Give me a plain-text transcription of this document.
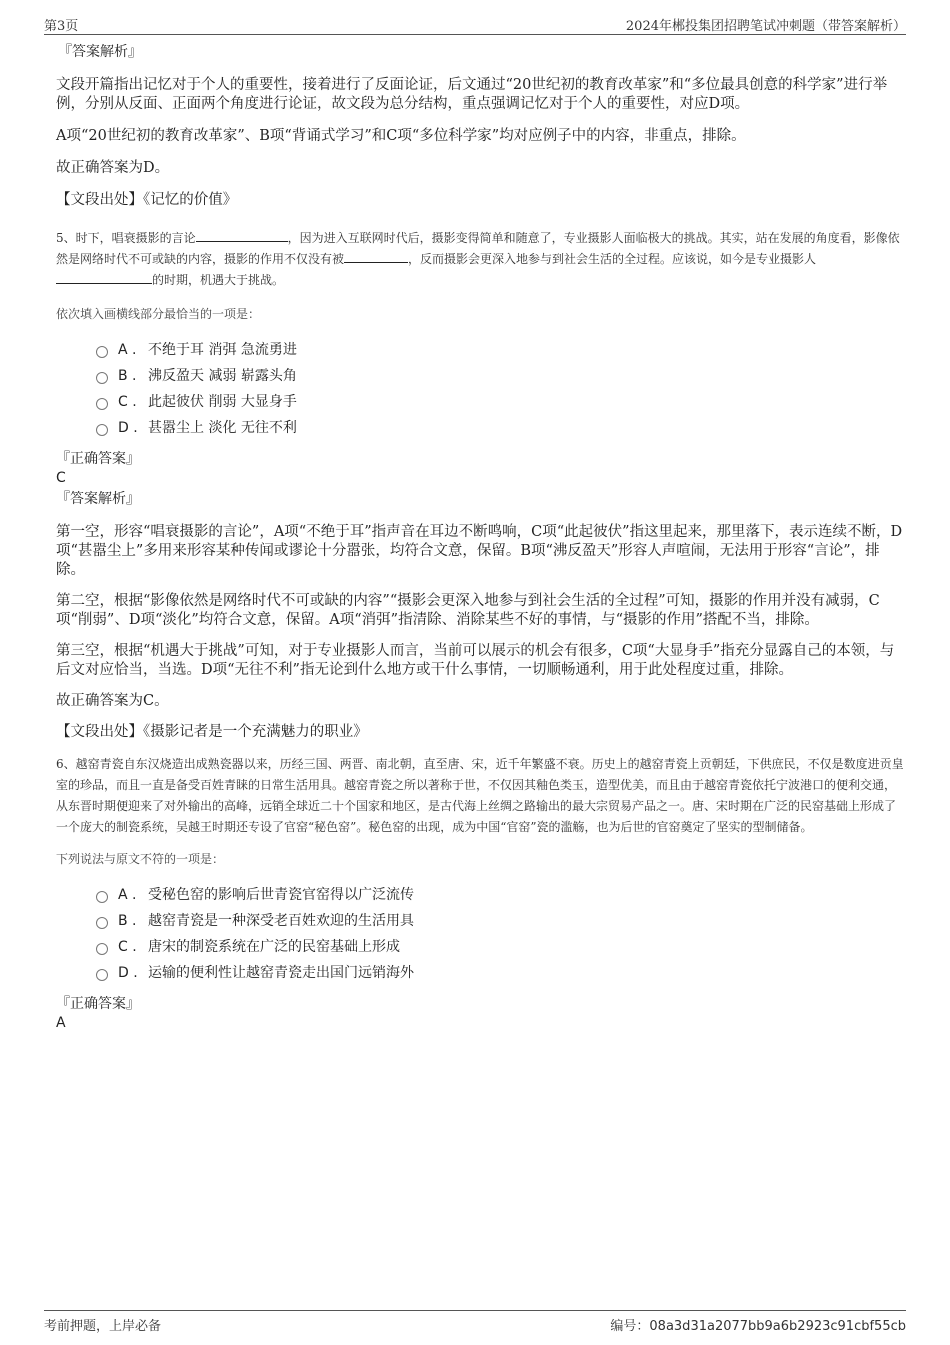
第3页	2024年郴投集团招聘笔试冲刺题（带答案解析）
『答案解析』

文段开篇指出记忆对于个人的重要性，接着进行了反面论证，后文通过“20世纪初的教育改革家”和“多位最具创意的科学家”进行举例，分别从反面、正面两个角度进行论证，故文段为总分结构，重点强调记忆对于个人的重要性，对应D项。

A项“20世纪初的教育改革家”、B项“背诵式学习”和C项“多位科学家”均对应例子中的内容，非重点，排除。

故正确答案为D。

【文段出处】《记忆的价值》

5、时下，唱衰摄影的言论	，因为进入互联网时代后，摄影变得简单和随意了，专业摄影人面临极大的挑战。其实，站在发展的角度看，影像依然是网络时代不可或缺的内容，摄影的作用不仅没有被	，反而摄影会更深入地参与到社会生活的全过程。应该说，如今是专业摄影人的时期，机遇大于挑战。
依次填入画横线部分最恰当的一项是：
A . 不绝于耳 消弭 急流勇进
B . 沸反盈天 减弱 崭露头角
C . 此起彼伏 削弱 大显身手
D . 甚嚣尘上 淡化 无往不利
『正确答案』
C
『答案解析』

第一空，形容“唱衰摄影的言论”，A项“不绝于耳”指声音在耳边不断鸣响，C项“此起彼伏”指这里起来，那里落下，表示连续不断，D项“甚嚣尘上”多用来形容某种传闻或谬论十分嚣张，均符合文意，保留。B项“沸反盈天”形容人声喧闹，无法用于形容“言论”，排除。

第二空，根据“影像依然是网络时代不可或缺的内容”“摄影会更深入地参与到社会生活的全过程”可知，摄影的作用并没有减弱，C项“削弱”、D项“淡化”均符合文意，保留。A项“消弭”指清除、消除某些不好的事情，与“摄影的作用”搭配不当，排除。

第三空，根据“机遇大于挑战”可知，对于专业摄影人而言，当前可以展示的机会有很多，C项“大显身手”指充分显露自己的本领，与后文对应恰当，当选。D项“无往不利”指无论到什么地方或干什么事情，一切顺畅通利，用于此处程度过重，排除。

故正确答案为C。

【文段出处】《摄影记者是一个充满魅力的职业》

6、越窑青瓷自东汉烧造出成熟瓷器以来，历经三国、两晋、南北朝，直至唐、宋，近千年繁盛不衰。历史上的越窑青瓷上贡朝廷，下供庶民，不仅是数度进贡皇室的珍品，而且一直是备受百姓青睐的日常生活用具。越窑青瓷之所以著称于世，不仅因其釉色类玉，造型优美，而且由于越窑青瓷依托宁波港口的便利交通，从东晋时期便迎来了对外输出的高峰，远销全球近二十个国家和地区，是古代海上丝绸之路输出的最大宗贸易产品之一。唐、宋时期在广泛的民窑基础上形成了一个庞大的制瓷系统，吴越王时期还专设了官窑“秘色窑”。秘色窑的出现，成为中国“官窑”瓷的滥觞，也为后世的官窑奠定了坚实的型制储备。
下列说法与原文不符的一项是：
A . 受秘色窑的影响后世青瓷官窑得以广泛流传
B . 越窑青瓷是一种深受老百姓欢迎的生活用具
C . 唐宋的制瓷系统在广泛的民窑基础上形成
D . 运输的便利性让越窑青瓷走出国门远销海外
『正确答案』
A
考前押题，上岸必备	编号：08a3d31a2077bb9a6b2923c91cbf55cb
